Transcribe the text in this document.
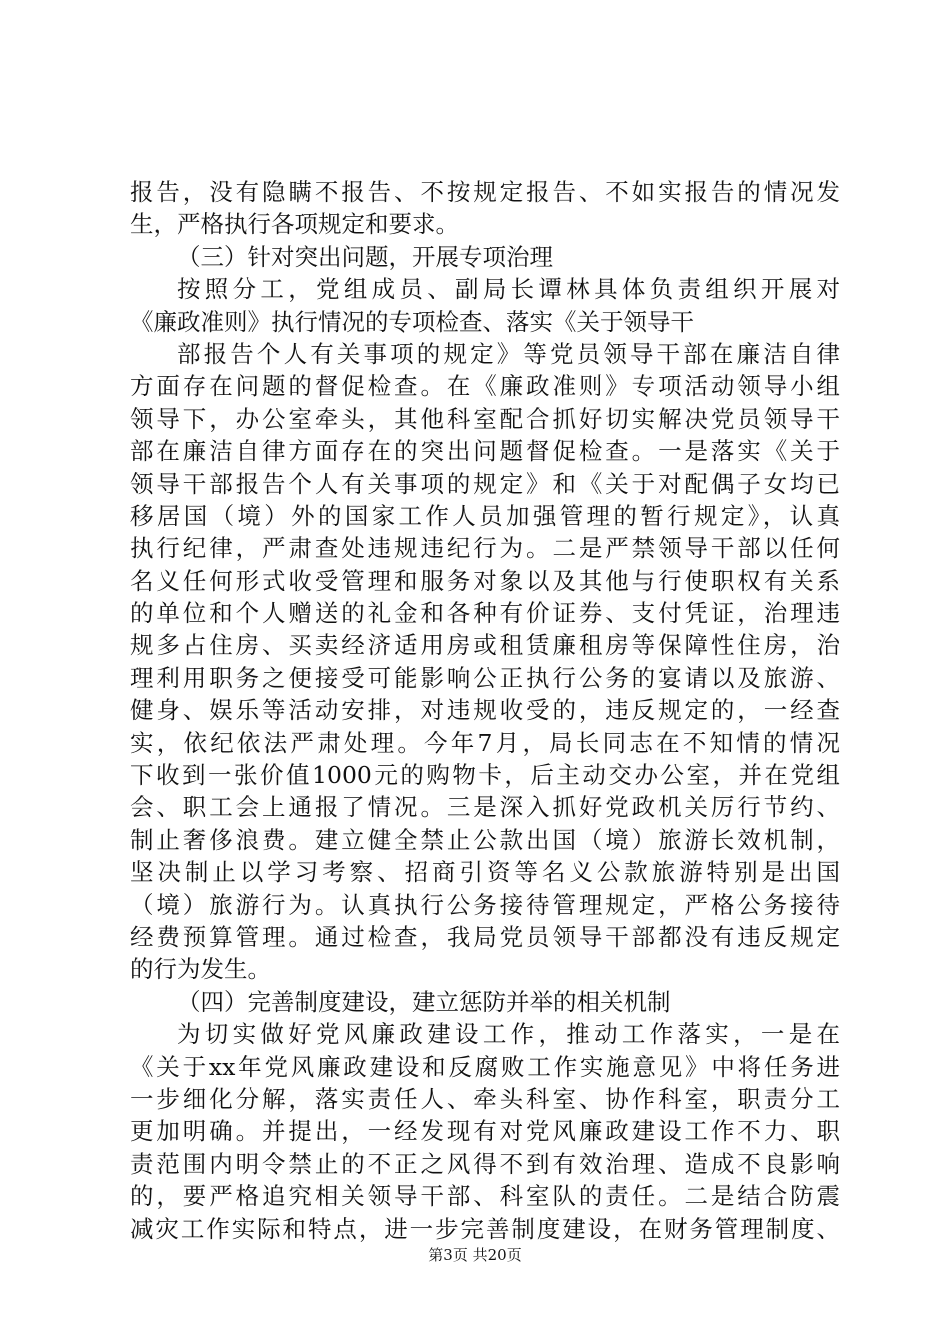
报告，没有隐瞒不报告、不按规定报告、不如实报告的情况发
生，严格执行各项规定和要求。
（三）针对突出问题，开展专项治理
按照分工，党组成员、副局长谭林具体负责组织开展对
《廉政准则》执行情况的专项检查、落实《关于领导干
部报告个人有关事项的规定》等党员领导干部在廉洁自律
方面存在问题的督促检查。在《廉政准则》专项活动领导小组
领导下，办公室牵头，其他科室配合抓好切实解决党员领导干
部在廉洁自律方面存在的突出问题督促检查。一是落实《关于
领导干部报告个人有关事项的规定》和《关于对配偶子女均已
移居国（境）外的国家工作人员加强管理的暂行规定》，认真
执行纪律，严肃查处违规违纪行为。二是严禁领导干部以任何
名义任何形式收受管理和服务对象以及其他与行使职权有关系
的单位和个人赠送的礼金和各种有价证券、支付凭证，治理违
规多占住房、买卖经济适用房或租赁廉租房等保障性住房，治
理利用职务之便接受可能影响公正执行公务的宴请以及旅游、
健身、娱乐等活动安排，对违规收受的，违反规定的，一经查
实，依纪依法严肃处理。今年7月，局长同志在不知情的情况
下收到一张价值1000元的购物卡，后主动交办公室，并在党组
会、职工会上通报了情况。三是深入抓好党政机关厉行节约、
制止奢侈浪费。建立健全禁止公款出国（境）旅游长效机制，
坚决制止以学习考察、招商引资等名义公款旅游特别是出国
（境）旅游行为。认真执行公务接待管理规定，严格公务接待
经费预算管理。通过检查，我局党员领导干部都没有违反规定
的行为发生。
（四）完善制度建设，建立惩防并举的相关机制
为切实做好党风廉政建设工作，推动工作落实，一是在
《关于xx年党风廉政建设和反腐败工作实施意见》中将任务进
一步细化分解，落实责任人、牵头科室、协作科室，职责分工
更加明确。并提出，一经发现有对党风廉政建设工作不力、职
责范围内明令禁止的不正之风得不到有效治理、造成不良影响
的，要严格追究相关领导干部、科室队的责任。二是结合防震
减灾工作实际和特点，进一步完善制度建设，在财务管理制度、
第3页 共20页
